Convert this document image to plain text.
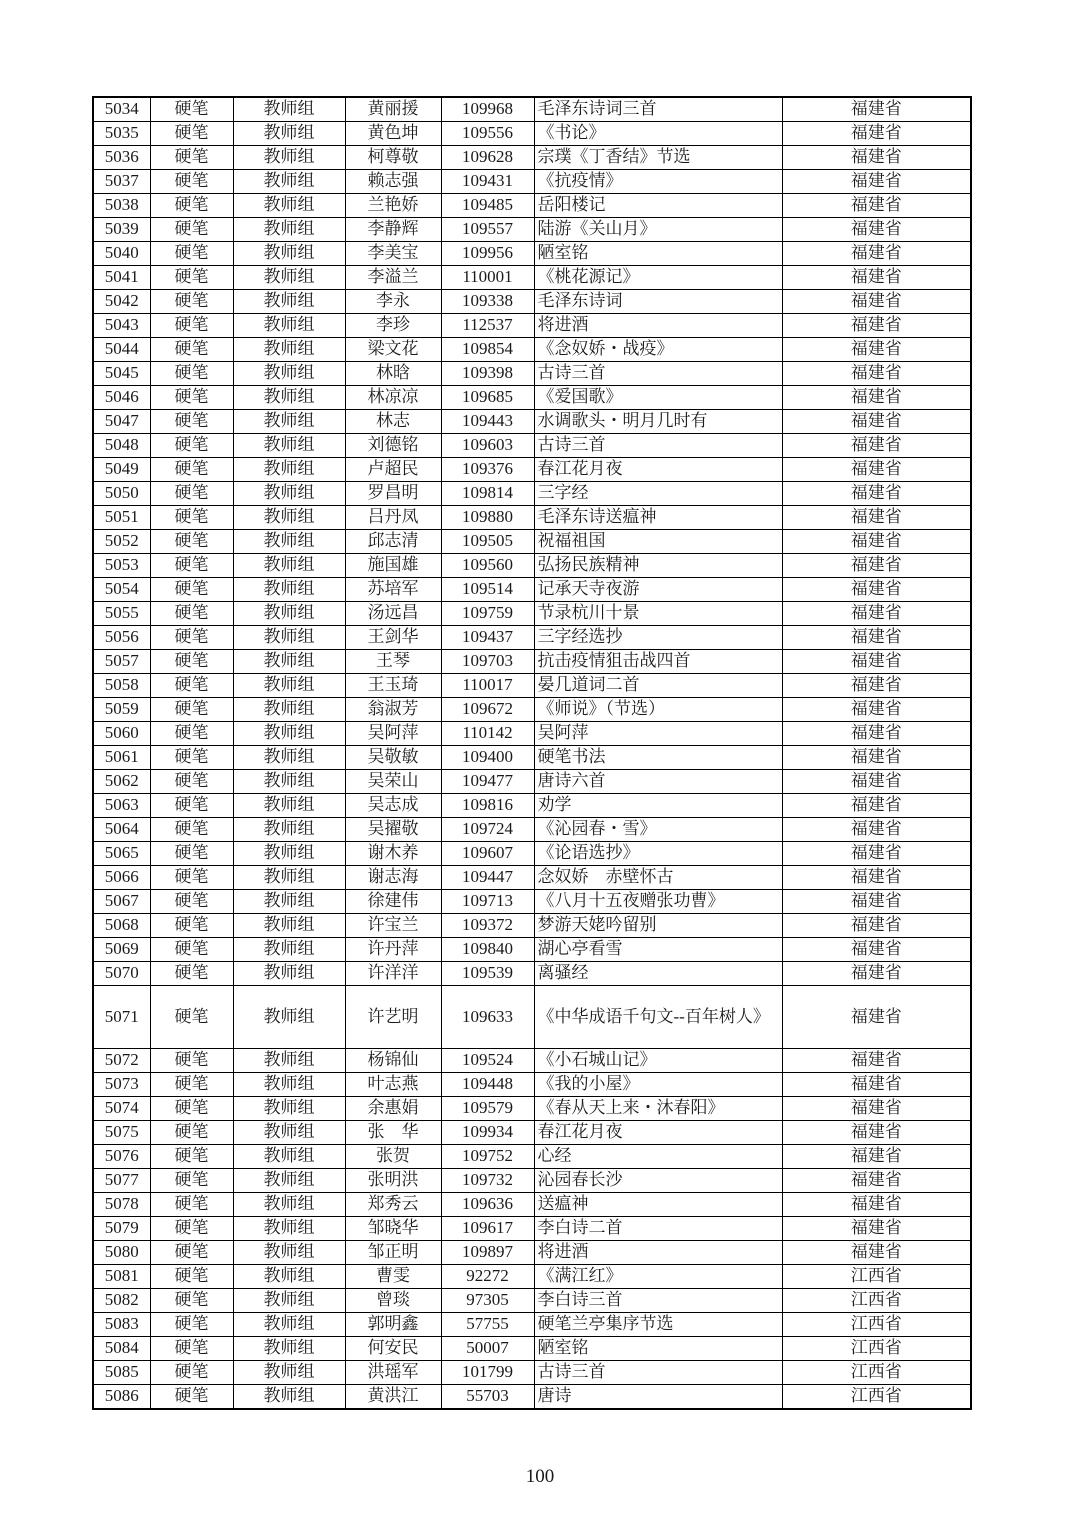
5034	硬笔	教师组	黄丽援	109968	毛泽东诗词三首	福建省
5035	硬笔	教师组	黄色坤	109556	《书论》	福建省
5036	硬笔	教师组	柯尊敬	109628	宗璞《丁香结》节选	福建省
5037	硬笔	教师组	赖志强	109431	《抗疫情》	福建省
5038	硬笔	教师组	兰艳娇	109485	岳阳楼记	福建省
5039	硬笔	教师组	李静辉	109557	陆游《关山月》	福建省
5040	硬笔	教师组	李美宝	109956	陋室铭	福建省
5041	硬笔	教师组	李溢兰	110001	《桃花源记》	福建省
5042	硬笔	教师组	李永	109338	毛泽东诗词	福建省
5043	硬笔	教师组	李珍	112537	将进酒	福建省
5044	硬笔	教师组	梁文花	109854	《念奴娇・战疫》	福建省
5045	硬笔	教师组	林晗	109398	古诗三首	福建省
5046	硬笔	教师组	林凉凉	109685	《爱国歌》	福建省
5047	硬笔	教师组	林志	109443	水调歌头・明月几时有	福建省
5048	硬笔	教师组	刘德铭	109603	古诗三首	福建省
5049	硬笔	教师组	卢超民	109376	春江花月夜	福建省
5050	硬笔	教师组	罗昌明	109814	三字经	福建省
5051	硬笔	教师组	吕丹凤	109880	毛泽东诗送瘟神	福建省
5052	硬笔	教师组	邱志清	109505	祝福祖国	福建省
5053	硬笔	教师组	施国雄	109560	弘扬民族精神	福建省
5054	硬笔	教师组	苏培军	109514	记承天寺夜游	福建省
5055	硬笔	教师组	汤远昌	109759	节录杭川十景	福建省
5056	硬笔	教师组	王剑华	109437	三字经选抄	福建省
5057	硬笔	教师组	王琴	109703	抗击疫情狙击战四首	福建省
5058	硬笔	教师组	王玉琦	110017	晏几道词二首	福建省
5059	硬笔	教师组	翁淑芳	109672	《师说》（节选）	福建省
5060	硬笔	教师组	吴阿萍	110142	吴阿萍	福建省
5061	硬笔	教师组	吴敬敏	109400	硬笔书法	福建省
5062	硬笔	教师组	吴荣山	109477	唐诗六首	福建省
5063	硬笔	教师组	吴志成	109816	劝学	福建省
5064	硬笔	教师组	吴擢敬	109724	《沁园春・雪》	福建省
5065	硬笔	教师组	谢木养	109607	《论语选抄》	福建省
5066	硬笔	教师组	谢志海	109447	念奴娇　赤壁怀古	福建省
5067	硬笔	教师组	徐建伟	109713	《八月十五夜赠张功曹》	福建省
5068	硬笔	教师组	许宝兰	109372	梦游天姥吟留别	福建省
5069	硬笔	教师组	许丹萍	109840	湖心亭看雪	福建省
5070	硬笔	教师组	许洋洋	109539	离骚经	福建省
5071	硬笔	教师组	许艺明	109633	《中华成语千句文--百年树人》	福建省
5072	硬笔	教师组	杨锦仙	109524	《小石城山记》	福建省
5073	硬笔	教师组	叶志燕	109448	《我的小屋》	福建省
5074	硬笔	教师组	余惠娟	109579	《春从天上来・沐春阳》	福建省
5075	硬笔	教师组	张　华	109934	春江花月夜	福建省
5076	硬笔	教师组	张贺	109752	心经	福建省
5077	硬笔	教师组	张明洪	109732	沁园春长沙	福建省
5078	硬笔	教师组	郑秀云	109636	送瘟神	福建省
5079	硬笔	教师组	邹晓华	109617	李白诗二首	福建省
5080	硬笔	教师组	邹正明	109897	将进酒	福建省
5081	硬笔	教师组	曹雯	92272	《满江红》	江西省
5082	硬笔	教师组	曾琰	97305	李白诗三首	江西省
5083	硬笔	教师组	郭明鑫	57755	硬笔兰亭集序节选	江西省
5084	硬笔	教师组	何安民	50007	陋室铭	江西省
5085	硬笔	教师组	洪瑶军	101799	古诗三首	江西省
5086	硬笔	教师组	黄洪江	55703	唐诗	江西省
100
